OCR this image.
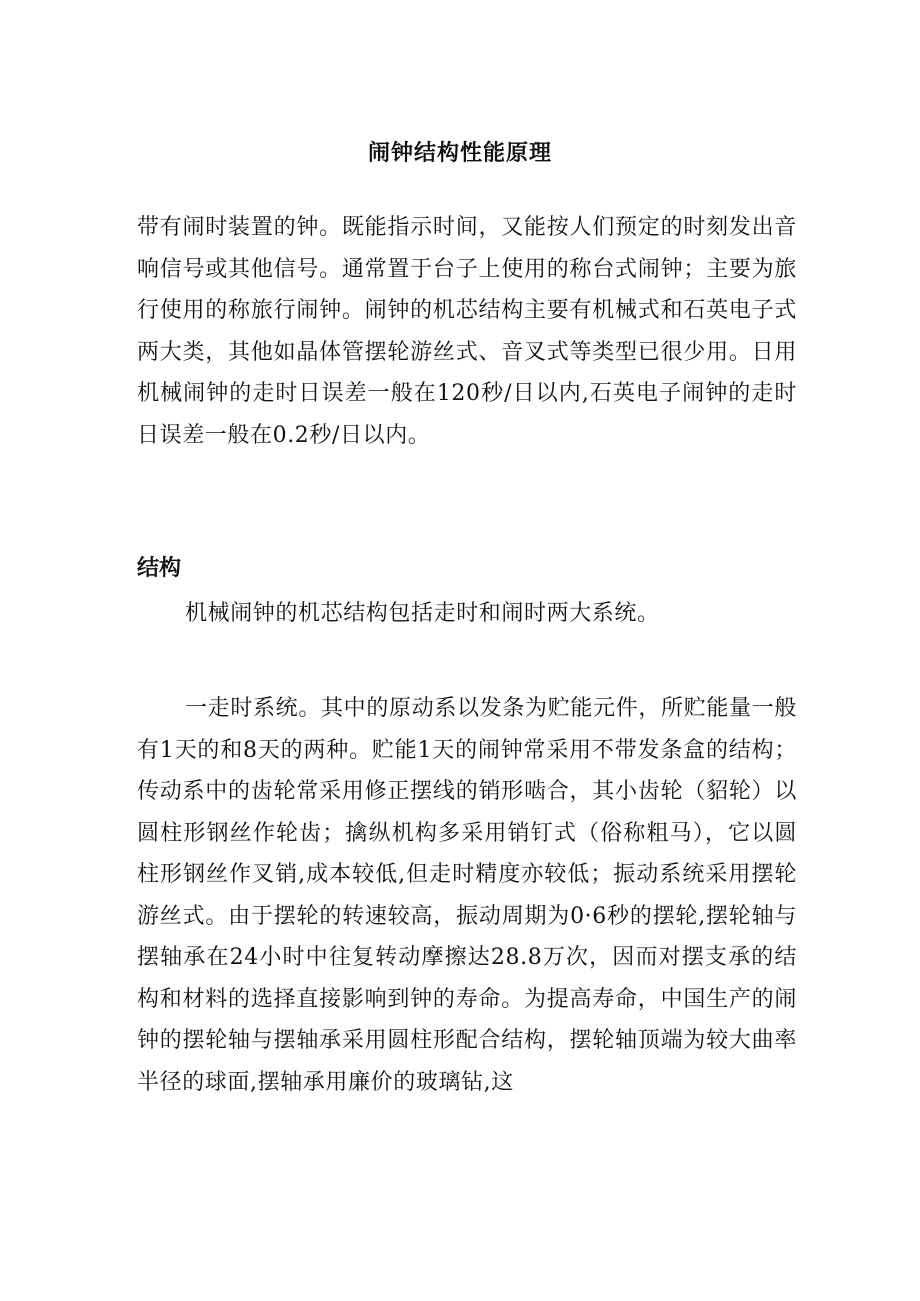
闹钟结构性能原理

带有闹时装置的钟。既能指示时间，又能按人们预定的时刻发出音响信号或其他信号。通常置于台子上使用的称台式闹钟；主要为旅行使用的称旅行闹钟。闹钟的机芯结构主要有机械式和石英电子式两大类，其他如晶体管摆轮游丝式、音叉式等类型已很少用。日用机械闹钟的走时日误差一般在120秒/日以内,石英电子闹钟的走时日误差一般在0.2秒/日以内。

结构

机械闹钟的机芯结构包括走时和闹时两大系统。

一走时系统。其中的原动系以发条为贮能元件，所贮能量一般有1天的和8天的两种。贮能1天的闹钟常采用不带发条盒的结构；传动系中的齿轮常采用修正摆线的销形啮合，其小齿轮（貂轮）以圆柱形钢丝作轮齿；擒纵机构多采用销钉式（俗称粗马），它以圆柱形钢丝作叉销,成本较低,但走时精度亦较低；振动系统采用摆轮游丝式。由于摆轮的转速较高，振动周期为0·6秒的摆轮,摆轮轴与摆轴承在24小时中往复转动摩擦达28.8万次，因而对摆支承的结构和材料的选择直接影响到钟的寿命。为提高寿命，中国生产的闹钟的摆轮轴与摆轴承采用圆柱形配合结构，摆轮轴顶端为较大曲率半径的球面,摆轴承用廉价的玻璃钻,这
